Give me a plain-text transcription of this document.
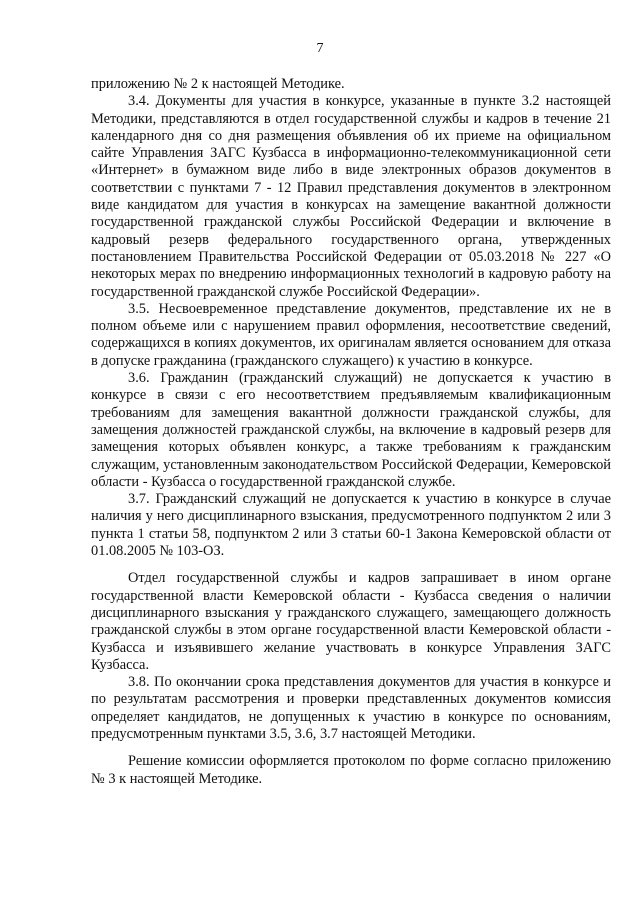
7

приложению № 2 к настоящей Методике.

3.4. Документы для участия в конкурсе, указанные в пункте 3.2 настоящей Методики, представляются в отдел государственной службы и кадров в течение 21 календарного дня со дня размещения объявления об их приеме на официальном сайте Управления ЗАГС Кузбасса в информационно-телекоммуникационной сети «Интернет» в бумажном виде либо в виде электронных образов документов в соответствии с пунктами 7 - 12 Правил представления документов в электронном виде кандидатом для участия в конкурсах на замещение вакантной должности государственной гражданской службы Российской Федерации и включение в кадровый резерв федерального государственного органа, утвержденных постановлением Правительства Российской Федерации от 05.03.2018 № 227 «О некоторых мерах по внедрению информационных технологий в кадровую работу на государственной гражданской службе Российской Федерации».

3.5. Несвоевременное представление документов, представление их не в полном объеме или с нарушением правил оформления, несоответствие сведений, содержащихся в копиях документов, их оригиналам является основанием для отказа в допуске гражданина (гражданского служащего) к участию в конкурсе.

3.6. Гражданин (гражданский служащий) не допускается к участию в конкурсе в связи с его несоответствием предъявляемым квалификационным требованиям для замещения вакантной должности гражданской службы, для замещения должностей гражданской службы, на включение в кадровый резерв для замещения которых объявлен конкурс, а также требованиям к гражданским служащим, установленным законодательством Российской Федерации, Кемеровской области - Кузбасса о государственной гражданской службе.

3.7. Гражданский служащий не допускается к участию в конкурсе в случае наличия у него дисциплинарного взыскания, предусмотренного подпунктом 2 или 3 пункта 1 статьи 58, подпунктом 2 или 3 статьи 60-1 Закона Кемеровской области от 01.08.2005 № 103-ОЗ.

Отдел государственной службы и кадров запрашивает в ином органе государственной власти Кемеровской области - Кузбасса сведения о наличии дисциплинарного взыскания у гражданского служащего, замещающего должность гражданской службы в этом органе государственной власти Кемеровской области - Кузбасса и изъявившего желание участвовать в конкурсе Управления ЗАГС Кузбасса.

3.8. По окончании срока представления документов для участия в конкурсе и по результатам рассмотрения и проверки представленных документов комиссия определяет кандидатов, не допущенных к участию в конкурсе по основаниям, предусмотренным пунктами 3.5, 3.6, 3.7 настоящей Методики.

Решение комиссии оформляется протоколом по форме согласно приложению № 3 к настоящей Методике.
